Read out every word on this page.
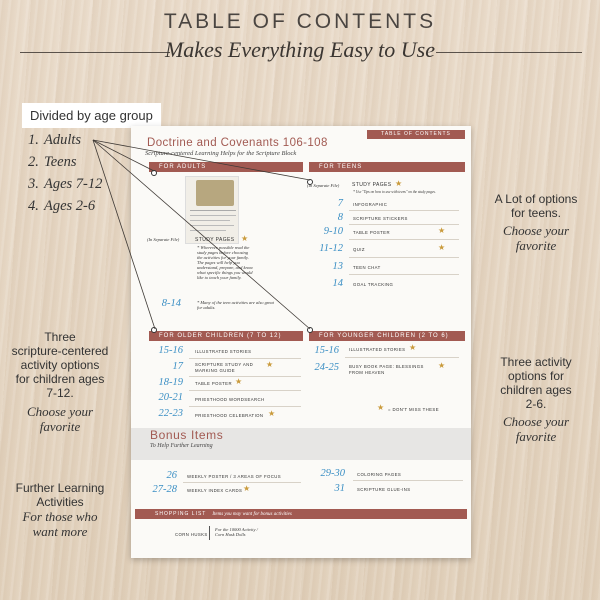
TABLE OF CONTENTS
Makes Everything Easy to Use
Divided by age group
1. Adults
2. Teens
3. Ages 7-12
4. Ages 2-6
Three
scripture-centered
activity options
for children ages
7-12.
Choose your
favorite
Further Learning
Activities
For those who
want more
A Lot of options
for teens.
Choose your
favorite
Three activity
options for
children ages
2-6.
Choose your
favorite
TABLE OF CONTENTS
Doctrine and Covenants 106-108
Scripture-centered Learning Helps for the Scripture Block
FOR ADULTS
(In Separate File)	STUDY PAGES ★
* Wherever possible read the
study pages before choosing
the activities for your family.
The pages will help you
understand, prepare, and know
what specific things you would
like to teach your family.
8-14	* Many of the teen activities are also great
for adults.
FOR TEENS
(In Separate File)	STUDY PAGES ★
* Use "Tips on how to use with teens" on the study pages.
7 INFOGRAPHIC
8 SCRIPTURE STICKERS
9-10 TABLE POSTER	★
11-12 QUIZ	★
13 TEEN CHAT
14 GOAL TRACKING
FOR OLDER CHILDREN (7 TO 12)
15-16	ILLUSTRATED STORIES
17	SCRIPTURE STUDY AND
MARKING GUIDE
★
18-19	TABLE POSTER ★
20-21	PRIESTHOOD WORDSEARCH
22-23	PRIESTHOOD CELEBRATION ★
FOR YOUNGER CHILDREN (2 TO 6)
15-16 ILLUSTRATED STORIES ★
24-25 BUSY BOOK PAGE: BLESSINGS
FROM HEAVEN
★
★ = DON'T MISS THESE
Bonus Items
To Help Further Learning
26 WEEKLY POSTER / 3 AREAS OF FOCUS
27-28 WEEKLY INDEX CARDS ★
29-30	COLORING PAGES
31	SCRIPTURE GLUE-INS
SHOPPING LIST Items you may want for bonus activities
CORN HUSKS
For the 10000 Activity /
Corn Husk Dolls
